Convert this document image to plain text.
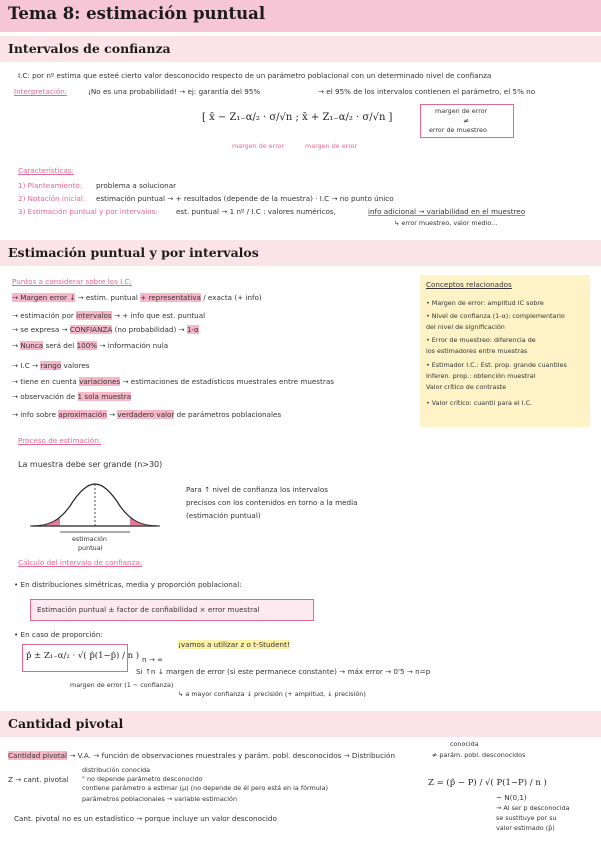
Tema 8: estimación puntual
Intervalos de confianza
I.C: por nº estima que esteé cierto valor desconocido respecto de un parámetro poblacional con un determinado nivel de confianza
Interpretación:	¡No es una probabilidad! → ej: garantía del 95%	→ el 95% de los intervalos contienen el parámetro, el 5% no
[ x̄ − Z₁₋α/₂ · σ/√n ; x̄ + Z₁₋α/₂ · σ/√n ]
margen de error	margen de error
margen de error
≠
error de muestreo
Características:
1) Planteamiento: problema a solucionar
2) Notación inicial: estimación puntual → + resultados (depende de la muestra) · I.C → no punto único
3) Estimación puntual y por intervalos:	est. puntual → 1 nº / I.C : valores numéricos,	info adicional → variabilidad en el muestreo
↳ error muestreo, valor medio...
Estimación puntual y por intervalos
Puntos a considerar sobre los I.C:
→ Margen error ↓ → estim. puntual + representativa / exacta (+ info)
→ estimación por intervalos → + info que est. puntual
→ se expresa → CONFIANZA (no probabilidad) → 1-α
→ Nunca será del 100% → información nula
→ I.C → rango valores
→ tiene en cuenta variaciones → estimaciones de estadísticos muestrales entre muestras
→ observación de 1 sola muestra
→ info sobre aproximación → verdadero valor de parámetros poblacionales
Conceptos relacionados
• Margen de error: amplitud IC sobre
• Nivel de confianza (1-α): complementario
del nivel de significación
• Error de muestreo: diferencia de
los estimadores entre muestras
• Estimador I.C.: Est. prop. grande cuantiles
Inferen. prop.: obtención muestral
Valor crítico de contraste
• Valor crítico: cuantil para el I.C.
Proceso de estimación:
La muestra debe ser grande (n>30)
estimación
puntual
Para ↑ nivel de confianza los intervalos
precisos con los contenidos en torno a la media
(estimación puntual)
Cálculo del intervalo de confianza:
• En distribuciones simétricas, media y proporción poblacional:
Estimación puntual ± factor de confiabilidad × error muestral
• En caso de proporción:
p̂ ± Z₁₋α/₂ · √( p̂(1−p̂) / n )
¡vamos a utilizar z o t-Student!
n → ∞
Si ↑n ↓ margen de error (si este permanece constante) → máx error → 0'5 → n=p
margen de error (1 − confianza)
↳ a mayor confianza ↓ precisión (+ amplitud, ↓ precisión)
Cantidad pivotal
Cantidad pivotal → V.A. → función de observaciones muestrales y parám. pobl. desconocidos → Distribución
conocida
≠ parám. pobl. desconocidos
Z → cant. pivotal
distribución conocida
" no depende parámetro desconocido
contiene parámetro a estimar (μ) (no depende de él pero está en la fórmula)
parámetros poblacionales → variable estimación
Z = (p̂ − P) / √( P(1−P) / n )
~ N(0,1)
→ Al ser p desconocida
se sustituye por su
valor estimado (p̂)
Cant. pivotal no es un estadístico → porque incluye un valor desconocido
